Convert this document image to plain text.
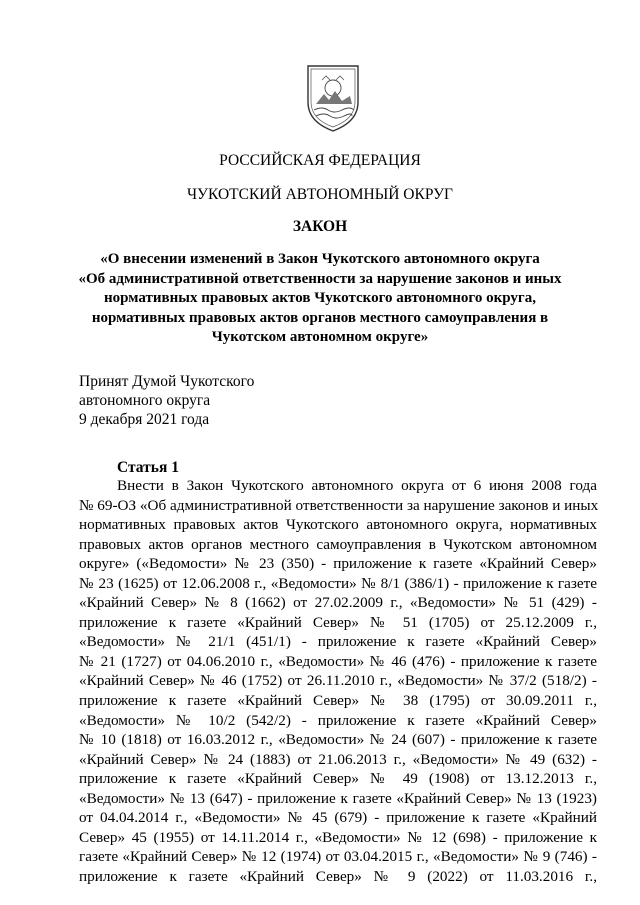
РОССИЙСКАЯ ФЕДЕРАЦИЯ
ЧУКОТСКИЙ АВТОНОМНЫЙ ОКРУГ
ЗАКОН
«О внесении изменений в Закон Чукотского автономного округа
«Об административной ответственности за нарушение законов и иных
нормативных правовых актов Чукотского автономного округа,
нормативных правовых актов органов местного самоуправления в
Чукотском автономном округе»
Принят Думой Чукотского
автономного округа
9 декабря 2021 года
Статья 1
Внести в Закон Чукотского автономного округа от 6 июня 2008 года
№ 69-ОЗ «Об административной ответственности за нарушение законов и иных
нормативных правовых актов Чукотского автономного округа, нормативных
правовых актов органов местного самоуправления в Чукотском автономном
округе» («Ведомости» № 23 (350) - приложение к газете «Крайний Север»
№ 23 (1625) от 12.06.2008 г., «Ведомости» № 8/1 (386/1) - приложение к газете
«Крайний Север» № 8 (1662) от 27.02.2009 г., «Ведомости» № 51 (429) -
приложение к газете «Крайний Север» № 51 (1705) от 25.12.2009 г.,
«Ведомости» № 21/1 (451/1) - приложение к газете «Крайний Север»
№ 21 (1727) от 04.06.2010 г., «Ведомости» № 46 (476) - приложение к газете
«Крайний Север» № 46 (1752) от 26.11.2010 г., «Ведомости» № 37/2 (518/2) -
приложение к газете «Крайний Север» № 38 (1795) от 30.09.2011 г.,
«Ведомости» № 10/2 (542/2) - приложение к газете «Крайний Север»
№ 10 (1818) от 16.03.2012 г., «Ведомости» № 24 (607) - приложение к газете
«Крайний Север» № 24 (1883) от 21.06.2013 г., «Ведомости» № 49 (632) -
приложение к газете «Крайний Север» № 49 (1908) от 13.12.2013 г.,
«Ведомости» № 13 (647) - приложение к газете «Крайний Север» № 13 (1923)
от 04.04.2014 г., «Ведомости» № 45 (679) - приложение к газете «Крайний
Север» 45 (1955) от 14.11.2014 г., «Ведомости» № 12 (698) - приложение к
газете «Крайний Север» № 12 (1974) от 03.04.2015 г., «Ведомости» № 9 (746) -
приложение к газете «Крайний Север» № 9 (2022) от 11.03.2016 г.,
